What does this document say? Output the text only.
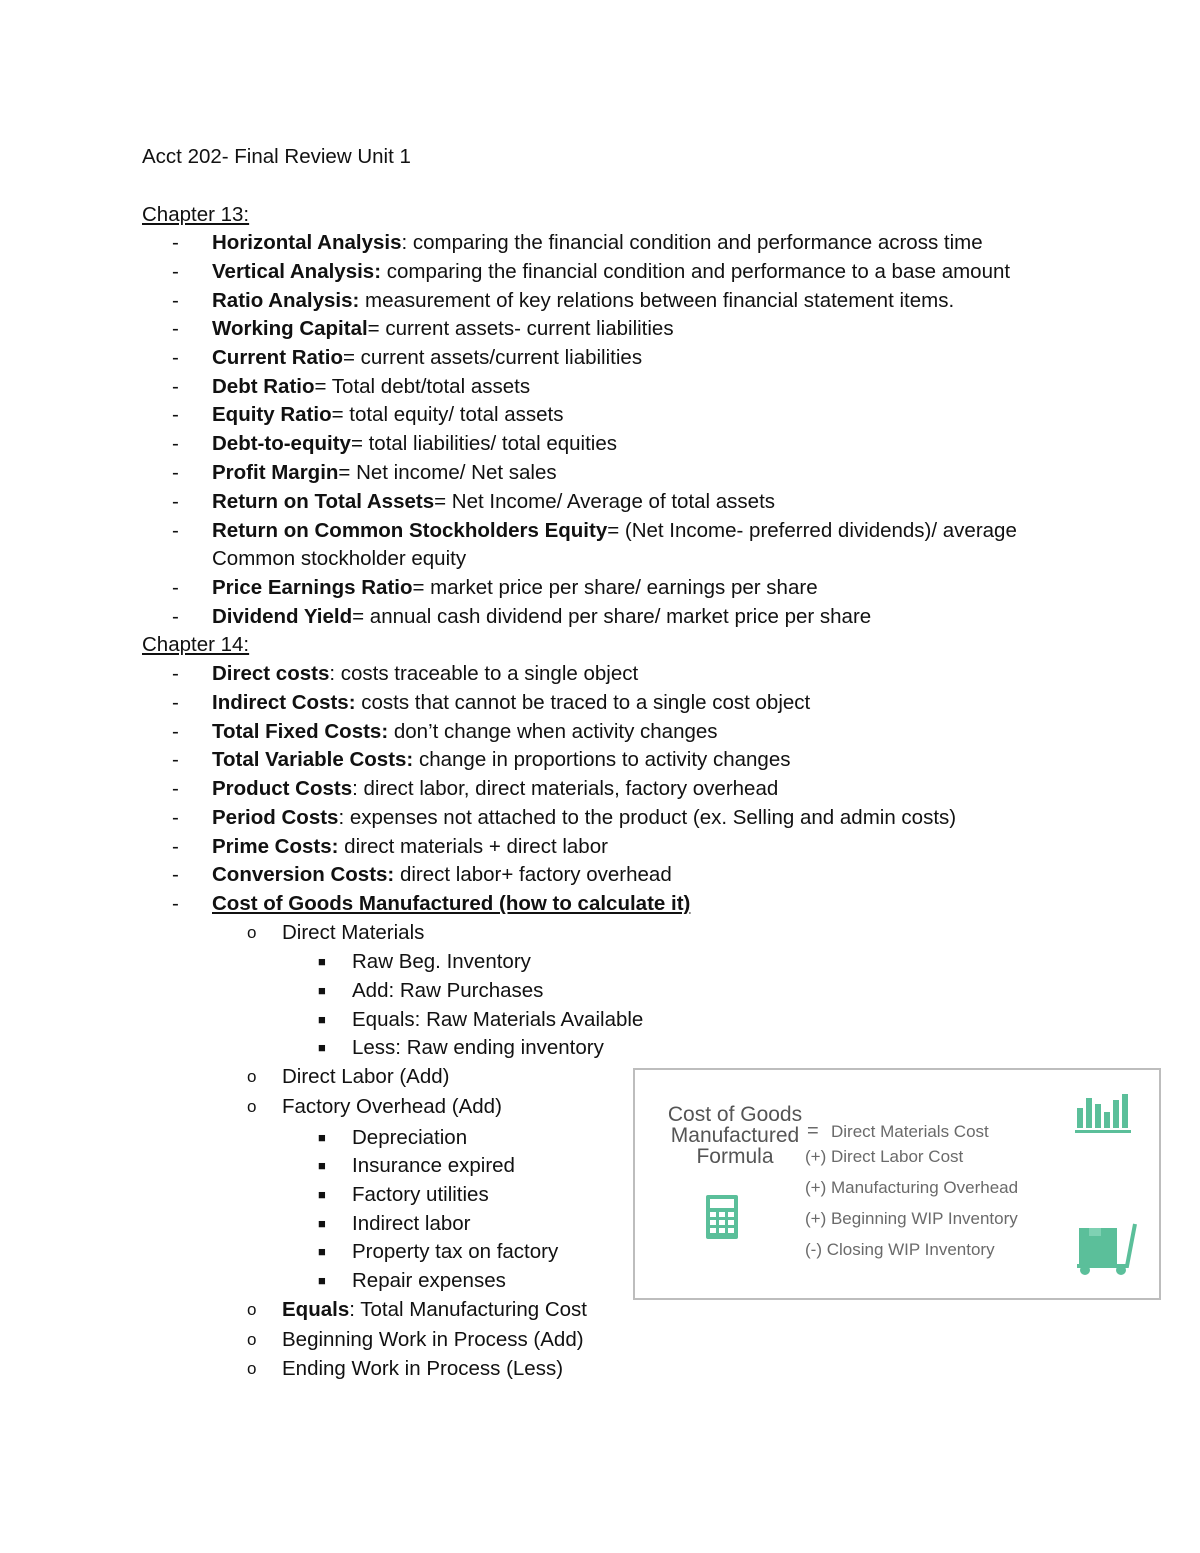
Acct 202- Final Review Unit 1
Chapter 13:
-	Horizontal Analysis: comparing the financial condition and performance across time
-	Vertical Analysis: comparing the financial condition and performance to a base amount
-	Ratio Analysis: measurement of key relations between financial statement items.
-	Working Capital= current assets- current liabilities
-	Current Ratio= current assets/current liabilities
-	Debt Ratio= Total debt/total assets
-	Equity Ratio= total equity/ total assets
-	Debt-to-equity= total liabilities/ total equities
-	Profit Margin= Net income/ Net sales
-	Return on Total Assets= Net Income/ Average of total assets
-	Return on Common Stockholders Equity= (Net Income- preferred dividends)/ average
Common stockholder equity
-	Price Earnings Ratio= market price per share/ earnings per share
-	Dividend Yield= annual cash dividend per share/ market price per share
Chapter 14:
-	Direct costs: costs traceable to a single object
-	Indirect Costs: costs that cannot be traced to a single cost object
-	Total Fixed Costs: don’t change when activity changes
-	Total Variable Costs: change in proportions to activity changes
-	Product Costs: direct labor, direct materials, factory overhead
-	Period Costs: expenses not attached to the product (ex. Selling and admin costs)
-	Prime Costs: direct materials + direct labor
-	Conversion Costs: direct labor+ factory overhead
-	Cost of Goods Manufactured (how to calculate it)
o Direct Materials
■ Raw Beg. Inventory
■ Add: Raw Purchases
■ Equals: Raw Materials Available
■ Less: Raw ending inventory
o Direct Labor (Add)
o Factory Overhead (Add)
■ Depreciation
■ Insurance expired
■ Factory utilities
■ Indirect labor
■ Property tax on factory
■ Repair expenses
o Equals: Total Manufacturing Cost
o Beginning Work in Process (Add)
o Ending Work in Process (Less)
Cost of Goods
Manufactured
Formula
= Direct Materials Cost
(+) Direct Labor Cost
(+) Manufacturing Overhead
(+) Beginning WIP Inventory
(-) Closing WIP Inventory
